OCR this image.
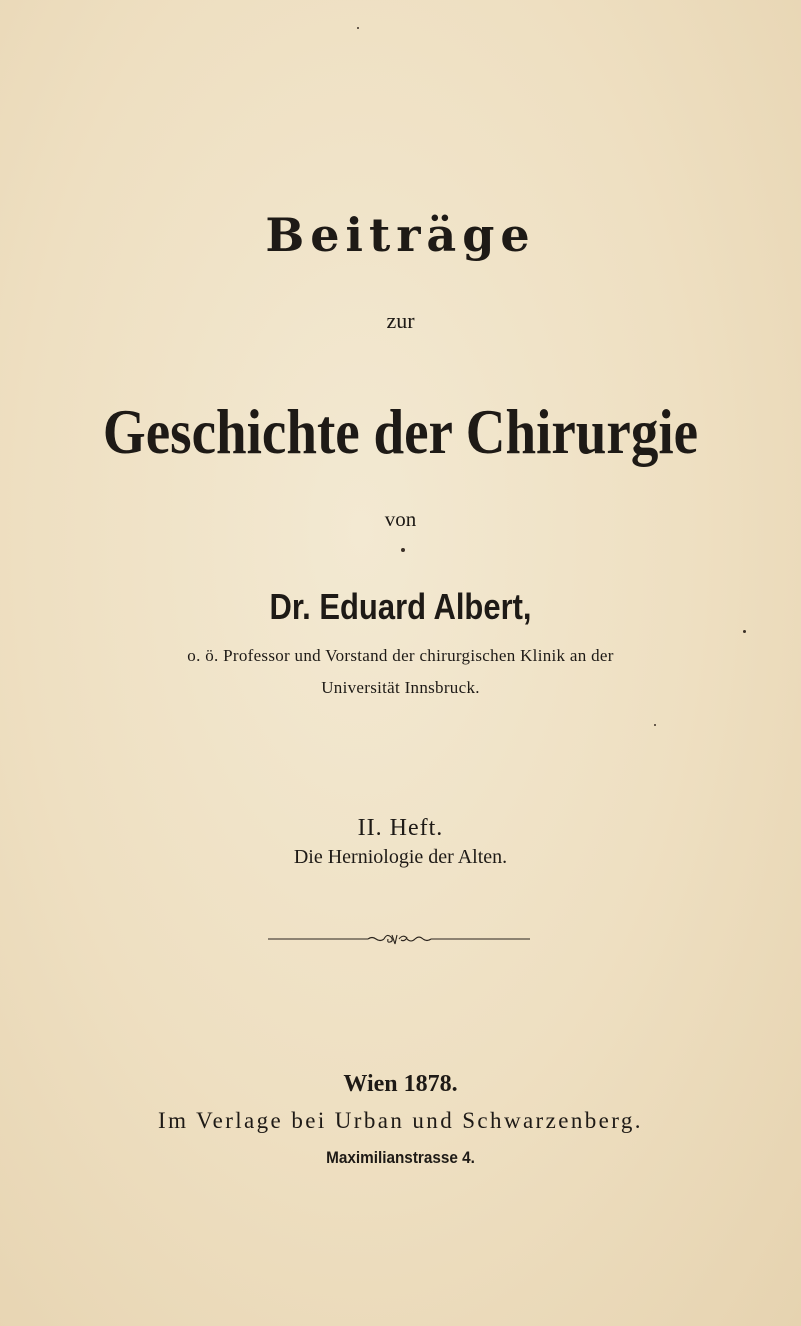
Beiträge
zur
Geschichte der Chirurgie
von
Dr. Eduard Albert,
o. ö. Professor und Vorstand der chirurgischen Klinik an der
Universität Innsbruck.
II. Heft.
Die Herniologie der Alten.
Wien 1878.
Im Verlage bei Urban und Schwarzenberg.
Maximilianstrasse 4.
